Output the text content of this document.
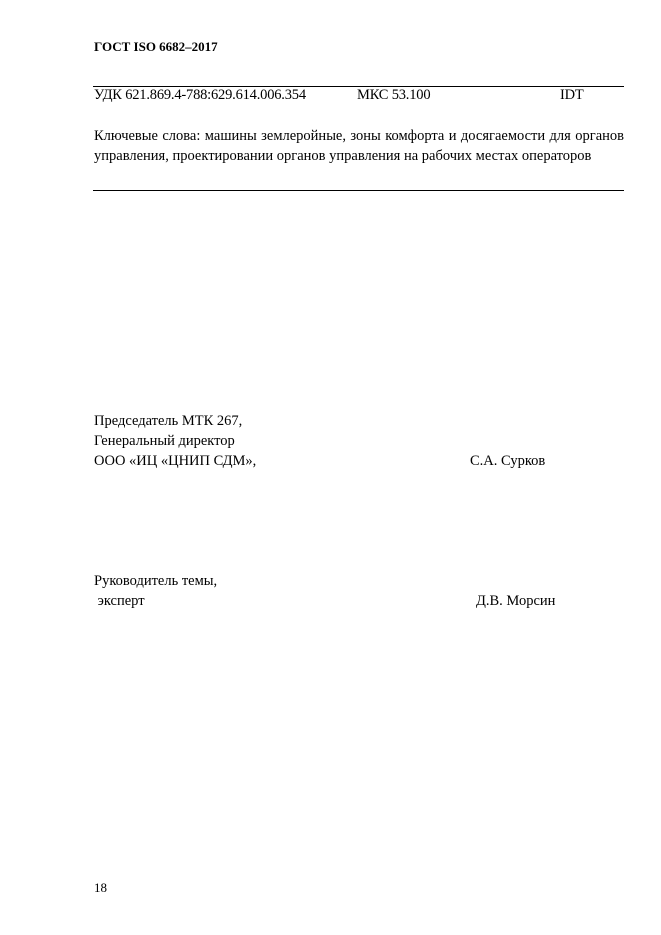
ГОСТ ISO 6682–2017
УДК 621.869.4-788:629.614.006.354	МКС 53.100	IDT
Ключевые слова: машины землеройные, зоны комфорта и досягаемости для органов управления, проектировании органов управления на рабочих местах операторов
Председатель МТК 267,
Генеральный директор
ООО «ИЦ «ЦНИП СДМ»,	С.А. Сурков
Руководитель темы,
эксперт	Д.В. Морсин
18
